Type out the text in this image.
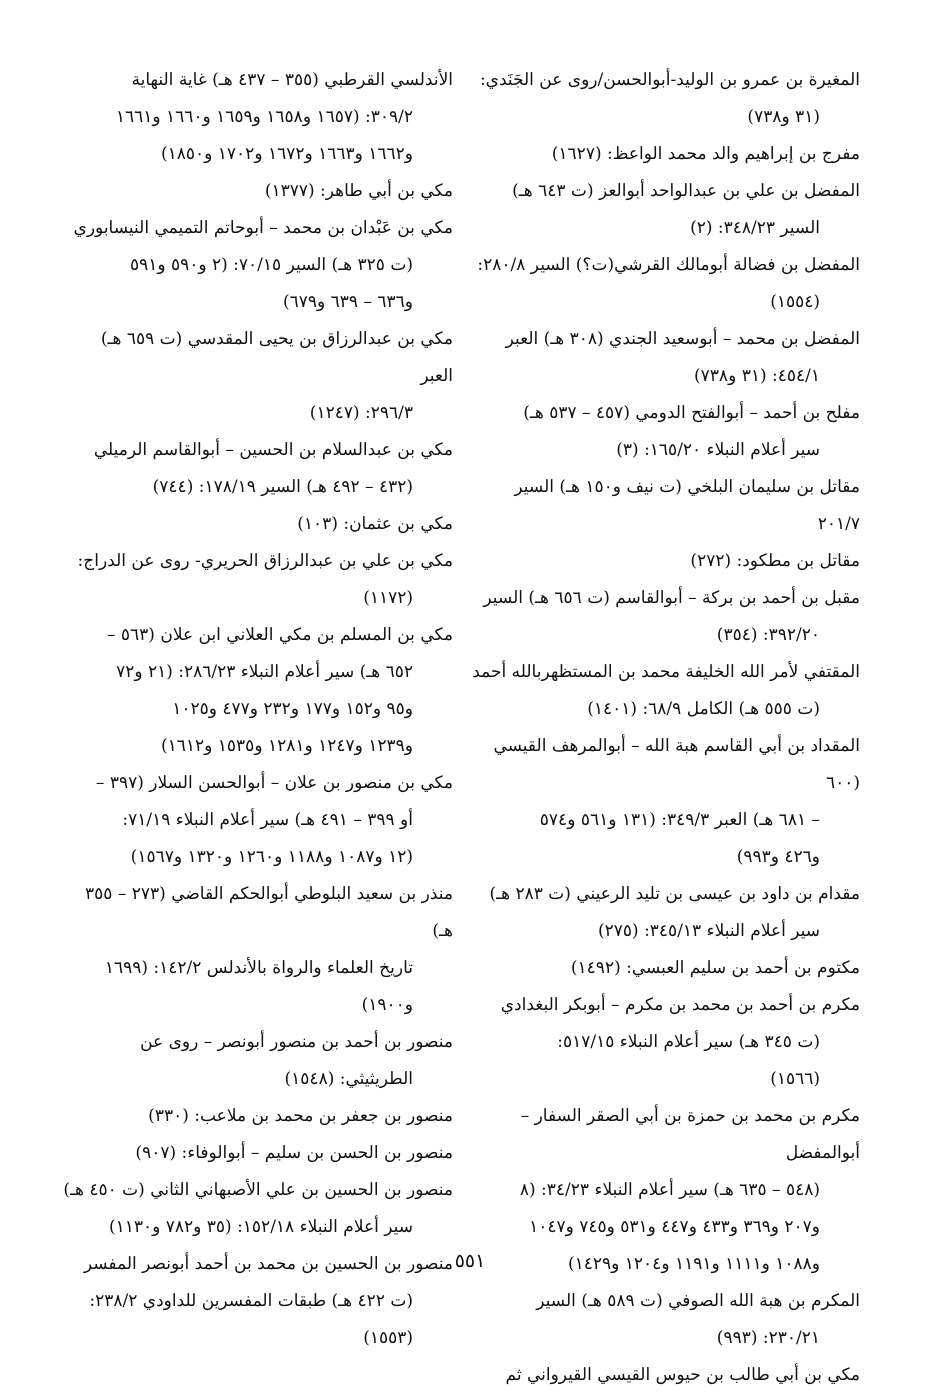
المغيرة بن عمرو بن الوليد-أبوالحسن/روى عن الجَنَدي:
(٣١ و٧٣٨)
مفرج بن إبراهيم والد محمد الواعظ: (١٦٢٧)
المفضل بن علي بن عبدالواحد أبوالعز (ت ٦٤٣ هـ)
السير ٣٤٨/٢٣: (٢)
المفضل بن فضالة أبومالك القرشي(ت؟) السير ٢٨٠/٨:
(١٥٥٤)
المفضل بن محمد – أبوسعيد الجندي (٣٠٨ هـ) العبر
٤٥٤/١: (٣١ و٧٣٨)
مفلح بن أحمد – أبوالفتح الدومي (٤٥٧ – ٥٣٧ هـ)
سير أعلام النبلاء ١٦٥/٢٠: (٣)
مقاتل بن سليمان البلخي (ت نيف و١٥٠ هـ) السير ٢٠١/٧
مقاتل بن مطكود: (٢٧٢)
مقبل بن أحمد بن بركة – أبوالقاسم (ت ٦٥٦ هـ) السير
٣٩٢/٢٠: (٣٥٤)
المقتفي لأمر الله الخليفة محمد بن المستظهربالله أحمد
(ت ٥٥٥ هـ) الكامل ٦٨/٩: (١٤٠١)
المقداد بن أبي القاسم هبة الله – أبوالمرهف القيسي (٦٠٠
– ٦٨١ هـ) العبر ٣٤٩/٣: (١٣١ و٥٦١ و٥٧٤
و٤٢٦ و٩٩٣)
مقدام بن داود بن عيسى بن تليد الرعيني (ت ٢٨٣ هـ)
سير أعلام النبلاء ٣٤٥/١٣: (٢٧٥)
مكتوم بن أحمد بن سليم العبسي: (١٤٩٢)
مكرم بن أحمد بن محمد بن مكرم – أبوبكر البغدادي
(ت ٣٤٥ هـ) سير أعلام النبلاء ٥١٧/١٥:
(١٥٦٦)
مكرم بن محمد بن حمزة بن أبي الصقر السفار – أبوالمفضل
(٥٤٨ – ٦٣٥ هـ) سير أعلام النبلاء ٣٤/٢٣: (٨
و٢٠٧ و٣٦٩ و٤٣٣ و٤٤٧ و٥٣١ و٧٤٥ و١٠٤٧
و١٠٨٨ و١١١١ و١١٩١ و١٢٠٤ و١٤٢٩)
المكرم بن هبة الله الصوفي (ت ٥٨٩ هـ) السير
٢٣٠/٢١: (٩٩٣)
مكي بن أبي طالب بن حيوس القيسي القيرواني ثم
الأندلسي القرطبي (٣٥٥ – ٤٣٧ هـ) غاية النهاية
٣٠٩/٢: (١٦٥٧ و١٦٥٨ و١٦٥٩ و١٦٦٠ و١٦٦١
و١٦٦٢ و١٦٦٣ و١٦٧٢ و١٧٠٢ و١٨٥٠)
مكي بن أبي طاهر: (١٣٧٧)
مكي بن عَبْدان بن محمد – أبوحاتم التميمي النيسابوري
(ت ٣٢٥ هـ) السير ٧٠/١٥: (٢ و٥٩٠ و٥٩١
و٦٣٦ – ٦٣٩ و٦٧٩)
مكي بن عبدالرزاق بن يحيى المقدسي (ت ٦٥٩ هـ) العبر
٢٩٦/٣: (١٢٤٧)
مكي بن عبدالسلام بن الحسين – أبوالقاسم الرميلي
(٤٣٢ – ٤٩٢ هـ) السير ١٧٨/١٩: (٧٤٤)
مكي بن عثمان: (١٠٣)
مكي بن علي بن عبدالرزاق الحريري- روى عن الدراج:
(١١٧٢)
مكي بن المسلم بن مكي العلاني ابن علان (٥٦٣ –
٦٥٢ هـ) سير أعلام النبلاء ٢٨٦/٢٣: (٢١ و٧٢
و٩٥ و١٥٢ و١٧٧ و٢٣٢ و٤٧٧ و١٠٢٥
و١٢٣٩ و١٢٤٧ و١٢٨١ و١٥٣٥ و١٦١٢)
مكي بن منصور بن علان – أبوالحسن السلار (٣٩٧ –
أو ٣٩٩ – ٤٩١ هـ) سير أعلام النبلاء ٧١/١٩:
(١٢ و١٠٨٧ و١١٨٨ و١٢٦٠ و١٣٢٠ و١٥٦٧)
منذر بن سعيد البلوطي أبوالحكم القاضي (٢٧٣ – ٣٥٥ هـ)
تاريخ العلماء والرواة بالأندلس ١٤٢/٢: (١٦٩٩
و١٩٠٠)
منصور بن أحمد بن منصور أبونصر – روى عن
الطريثيثي: (١٥٤٨)
منصور بن جعفر بن محمد بن ملاعب: (٣٣٠)
منصور بن الحسن بن سليم – أبوالوفاء: (٩٠٧)
منصور بن الحسين بن علي الأصبهاني الثاني (ت ٤٥٠ هـ)
سير أعلام النبلاء ١٥٢/١٨: (٣٥ و٧٨٢ و١١٣٠)
منصور بن الحسين بن محمد بن أحمد أبونصر المفسر
(ت ٤٢٢ هـ) طبقات المفسرين للداودي ٢٣٨/٢:
(١٥٥٣)
٥٥١
